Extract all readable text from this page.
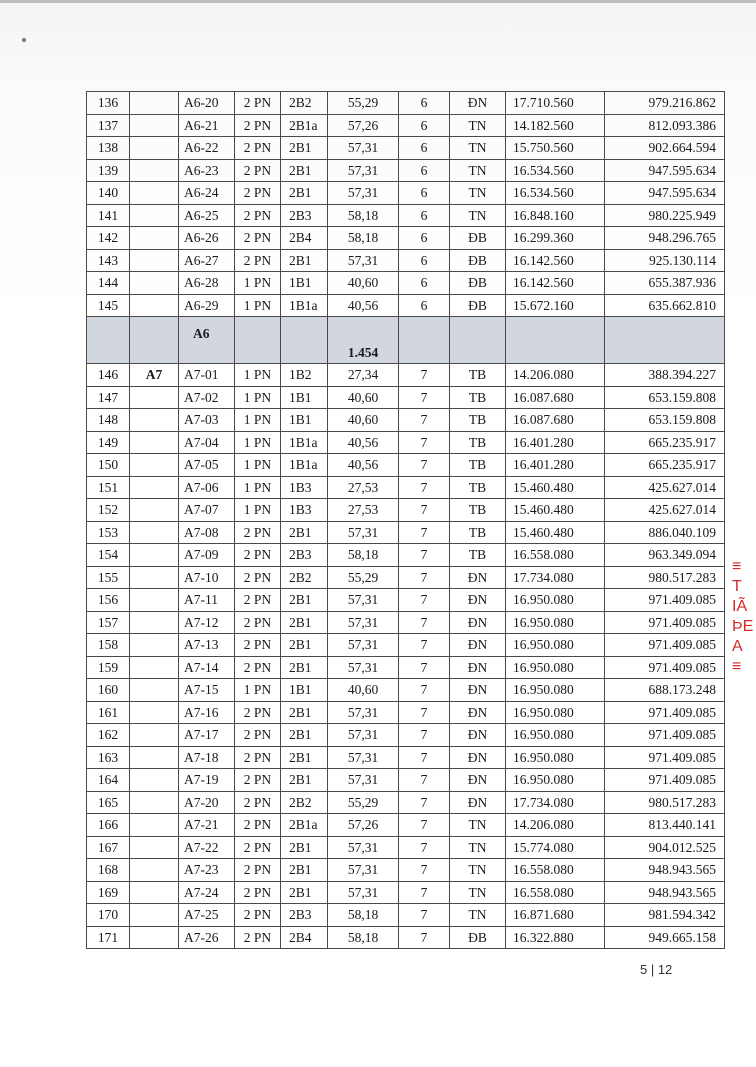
136		A6-20	2 PN	2B2	55,29	6	ĐN	17.710.560	979.216.862
137		A6-21	2 PN	2B1a	57,26	6	TN	14.182.560	812.093.386
138		A6-22	2 PN	2B1	57,31	6	TN	15.750.560	902.664.594
139		A6-23	2 PN	2B1	57,31	6	TN	16.534.560	947.595.634
140		A6-24	2 PN	2B1	57,31	6	TN	16.534.560	947.595.634
141		A6-25	2 PN	2B3	58,18	6	TN	16.848.160	980.225.949
142		A6-26	2 PN	2B4	58,18	6	ĐB	16.299.360	948.296.765
143		A6-27	2 PN	2B1	57,31	6	ĐB	16.142.560	925.130.114
144		A6-28	1 PN	1B1	40,60	6	ĐB	16.142.560	655.387.936
145		A6-29	1 PN	1B1a	40,56	6	ĐB	15.672.160	635.662.810
		A6			1.454				
146	A7	A7-01	1 PN	1B2	27,34	7	TB	14.206.080	388.394.227
147		A7-02	1 PN	1B1	40,60	7	TB	16.087.680	653.159.808
148		A7-03	1 PN	1B1	40,60	7	TB	16.087.680	653.159.808
149		A7-04	1 PN	1B1a	40,56	7	TB	16.401.280	665.235.917
150		A7-05	1 PN	1B1a	40,56	7	TB	16.401.280	665.235.917
151		A7-06	1 PN	1B3	27,53	7	TB	15.460.480	425.627.014
152		A7-07	1 PN	1B3	27,53	7	TB	15.460.480	425.627.014
153		A7-08	2 PN	2B1	57,31	7	TB	15.460.480	886.040.109
154		A7-09	2 PN	2B3	58,18	7	TB	16.558.080	963.349.094
155		A7-10	2 PN	2B2	55,29	7	ĐN	17.734.080	980.517.283
156		A7-11	2 PN	2B1	57,31	7	ĐN	16.950.080	971.409.085
157		A7-12	2 PN	2B1	57,31	7	ĐN	16.950.080	971.409.085
158		A7-13	2 PN	2B1	57,31	7	ĐN	16.950.080	971.409.085
159		A7-14	2 PN	2B1	57,31	7	ĐN	16.950.080	971.409.085
160		A7-15	1 PN	1B1	40,60	7	ĐN	16.950.080	688.173.248
161		A7-16	2 PN	2B1	57,31	7	ĐN	16.950.080	971.409.085
162		A7-17	2 PN	2B1	57,31	7	ĐN	16.950.080	971.409.085
163		A7-18	2 PN	2B1	57,31	7	ĐN	16.950.080	971.409.085
164		A7-19	2 PN	2B1	57,31	7	ĐN	16.950.080	971.409.085
165		A7-20	2 PN	2B2	55,29	7	ĐN	17.734.080	980.517.283
166		A7-21	2 PN	2B1a	57,26	7	TN	14.206.080	813.440.141
167		A7-22	2 PN	2B1	57,31	7	TN	15.774.080	904.012.525
168		A7-23	2 PN	2B1	57,31	7	TN	16.558.080	948.943.565
169		A7-24	2 PN	2B1	57,31	7	TN	16.558.080	948.943.565
170		A7-25	2 PN	2B3	58,18	7	TN	16.871.680	981.594.342
171		A7-26	2 PN	2B4	58,18	7	ĐB	16.322.880	949.665.158
≡
T
IÃ
ÞE
A
≡
5 | 12
